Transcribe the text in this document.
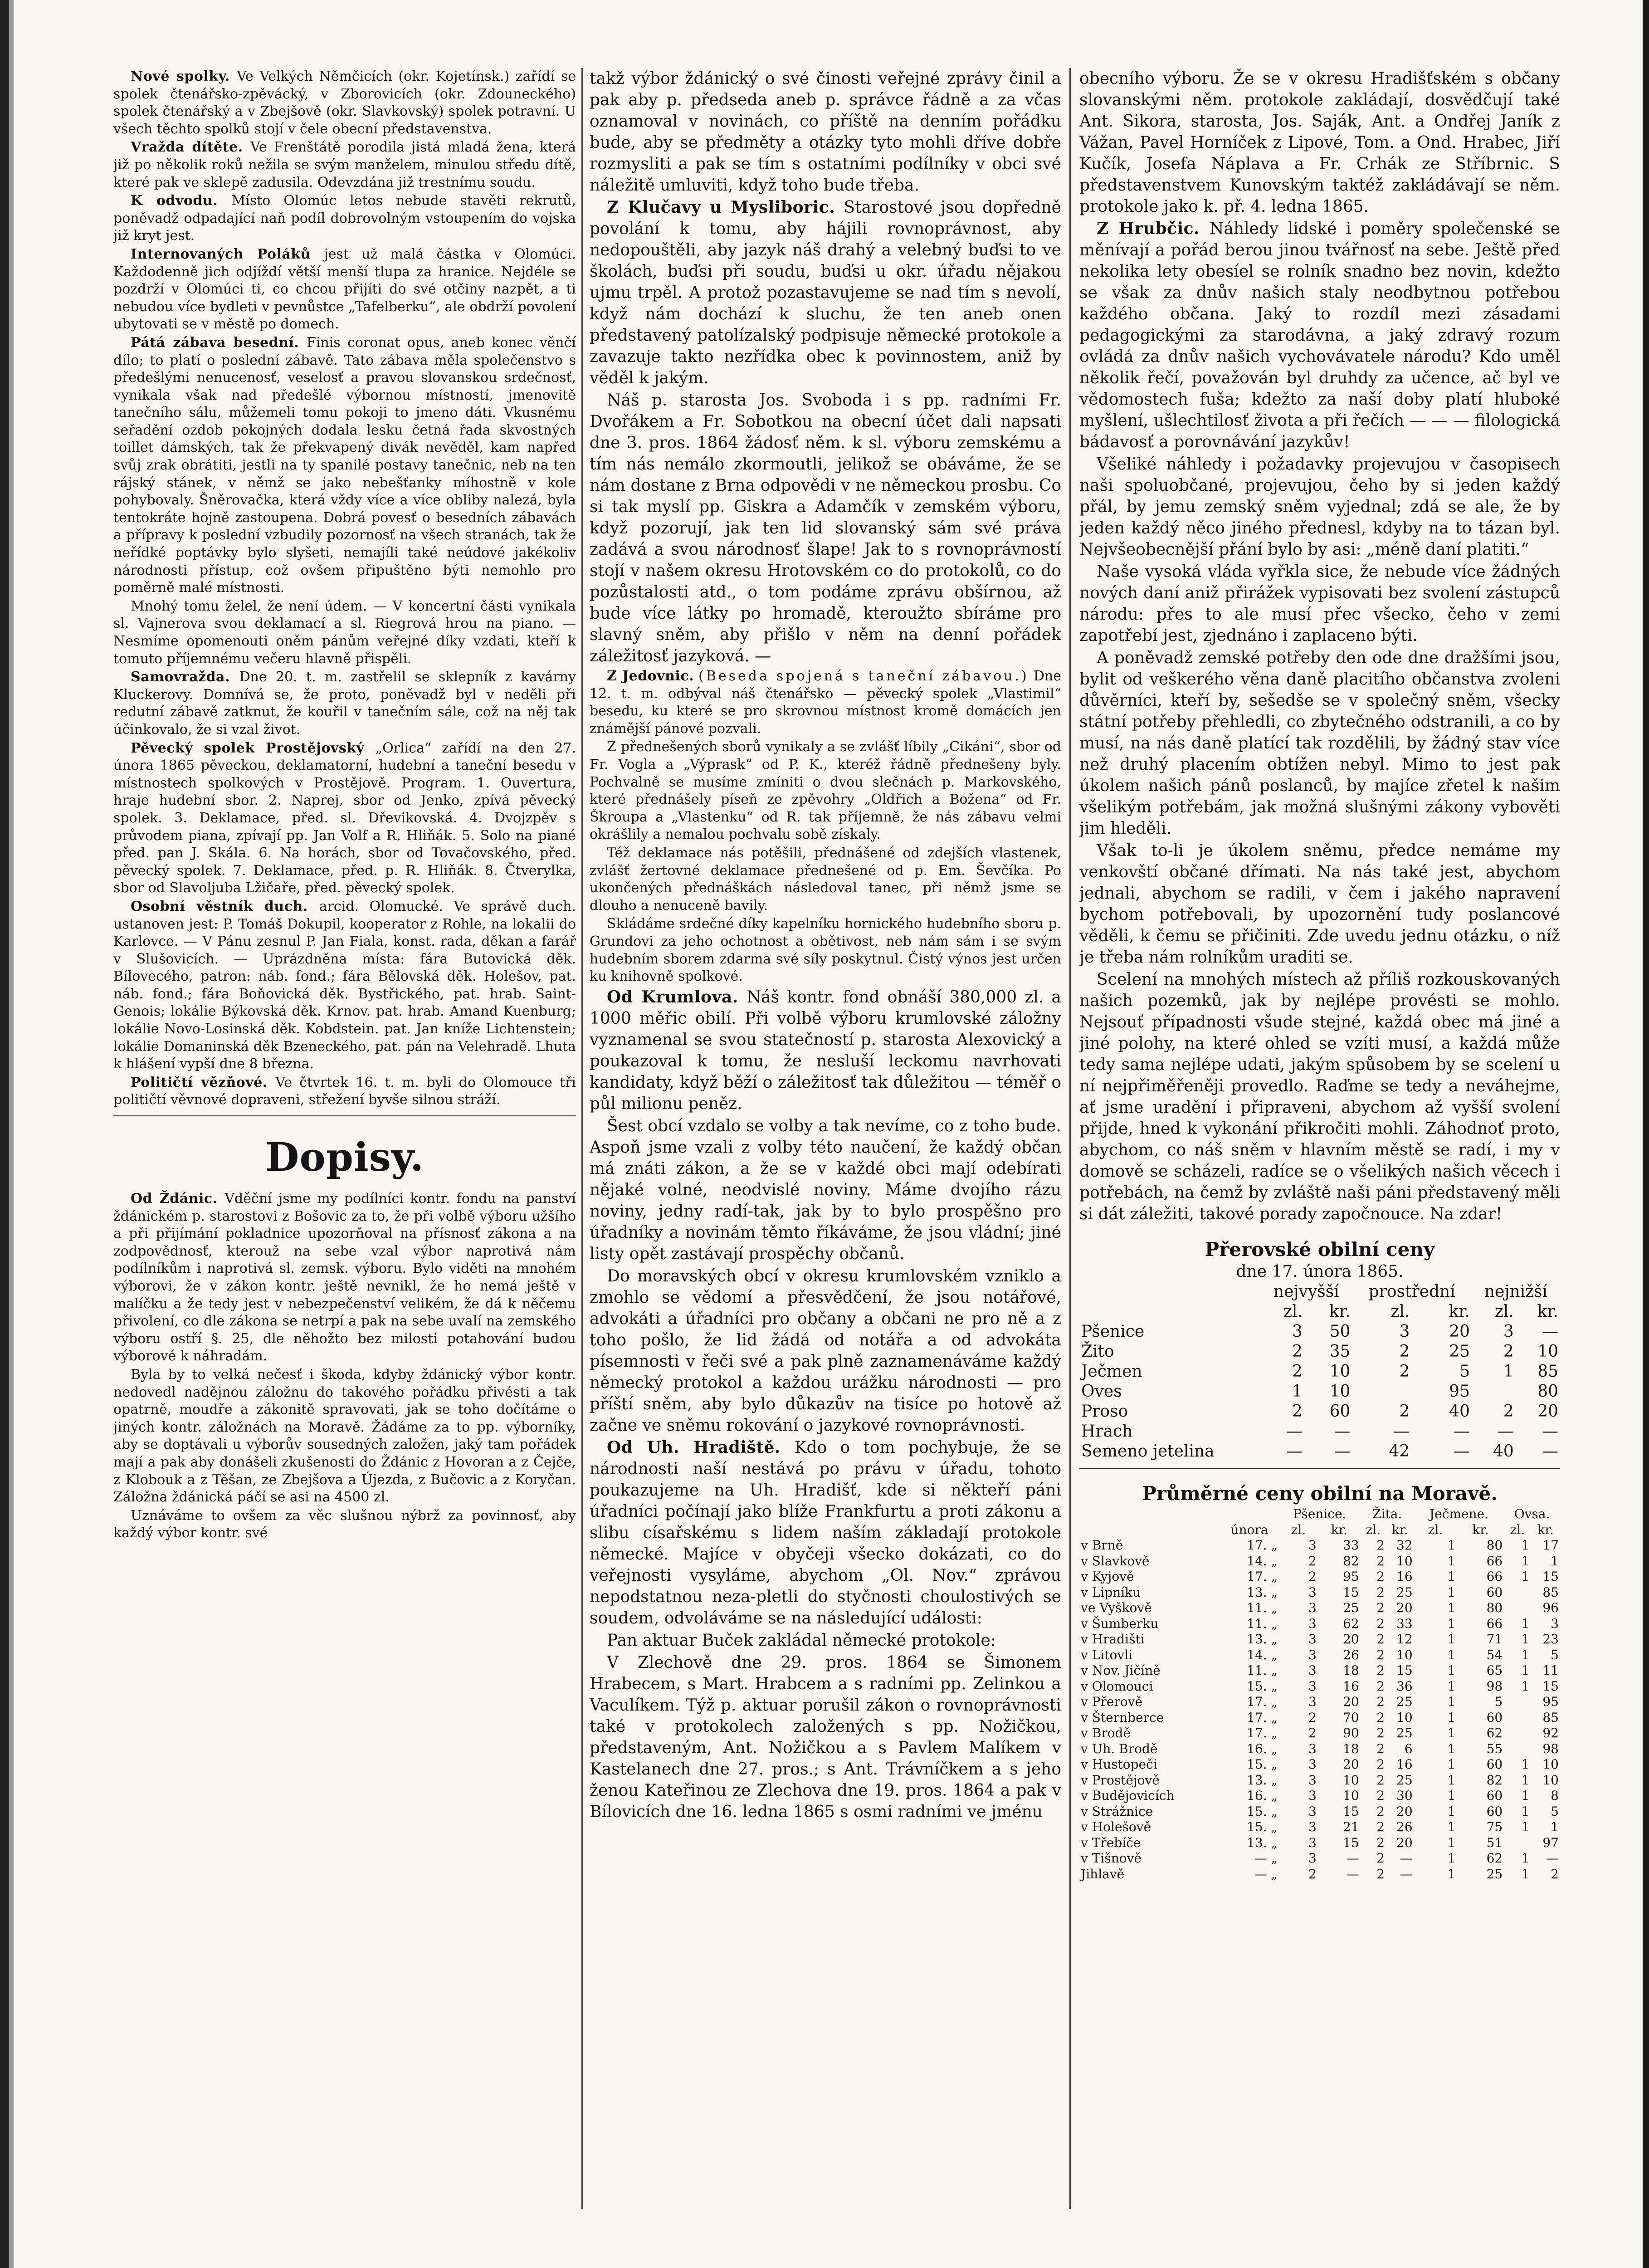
Nové spolky. Ve Velkých Němčicích (okr. Kojetínsk.) zařídí se spolek čtenářsko-zpěvácký, v Zborovicích (okr. Zdouneckého) spolek čtenářský a v Zbejšově (okr. Slavkovský) spolek potravní. U všech těchto spolků stojí v čele obecní představenstva.

Vražda dítěte. Ve Frenštátě porodila jistá mladá žena, která již po několik roků nežila se svým manželem, minulou středu dítě, které pak ve sklepě zadusila. Odevzdána již trestnímu soudu.

K odvodu. Místo Olomúc letos nebude stavěti rekrutů, poněvadž odpadající naň podíl dobrovolným vstoupením do vojska již kryt jest.

Internovaných Poláků jest už malá částka v Olomúci. Každodenně jich odjíždí větší menší tlupa za hranice. Nejdéle se pozdrží v Olomúci ti, co chcou přijíti do své otčiny nazpět, a ti nebudou více bydleti v pevnůstce „Tafelberku“, ale obdrží povolení ubytovati se v městě po domech.

Pátá zábava besední. Finis coronat opus, aneb konec věnčí dílo; to platí o poslední zábavě. Tato zábava měla společenstvo s předešlými nenucenosť, veselosť a pravou slovanskou srdečnosť, vynikala však nad předešlé výbornou místností, jmenovitě tanečního sálu, můžemeli tomu pokoji to jmeno dáti. Vkusnému seřadění ozdob pokojných dodala lesku četná řada skvostných toillet dámských, tak že překvapený divák nevěděl, kam napřed svůj zrak obrátiti, jestli na ty spanilé postavy tanečnic, neb na ten rájský stánek, v němž se jako nebešťanky míhostně v kole pohybovaly. Šněrovačka, která vždy více a více obliby nalezá, byla tentokráte hojně zastoupena. Dobrá povesť o besedních zábavách a přípravy k poslední vzbudily pozornosť na všech stranách, tak že neřídké poptávky bylo slyšeti, nemajíli také neúdové jakékoliv národnosti přístup, což ovšem připuštěno býti nemohlo pro poměrně malé místnosti.

Mnohý tomu želel, že není údem. — V koncertní části vynikala sl. Vajnerova svou deklamací a sl. Riegrová hrou na piano. — Nesmíme opomenouti oněm pánům veřejné díky vzdati, kteří k tomuto příjemnému večeru hlavně přispěli.

Samovražda. Dne 20. t. m. zastřelil se sklepník z kavárny Kluckerovy. Domnívá se, že proto, poněvadž byl v neděli při redutní zábavě zatknut, že kouřil v tanečním sále, což na něj tak účinkovalo, že si vzal život.

Pěvecký spolek Prostějovský „Orlica“ zařídí na den 27. února 1865 pěveckou, deklamatorní, hudební a taneční besedu v místnostech spolkových v Prostějově. Program. 1. Ouvertura, hraje hudební sbor. 2. Naprej, sbor od Jenko, zpívá pěvecký spolek. 3. Deklamace, před. sl. Dřevikovská. 4. Dvojzpěv s průvodem piana, zpívají pp. Jan Volf a R. Hliňák. 5. Solo na piané před. pan J. Skála. 6. Na horách, sbor od Tovačovského, před. pěvecký spolek. 7. Deklamace, před. p. R. Hliňák. 8. Čtverylka, sbor od Slavoljuba Lžičaře, před. pěvecký spolek.

Osobní věstník duch. arcid. Olomucké. Ve správě duch. ustanoven jest: P. Tomáš Dokupil, kooperator z Rohle, na lokalii do Karlovce. — V Pánu zesnul P. Jan Fiala, konst. rada, děkan a farář v Slušovicích. — Uprázdněna místa: fára Butovická děk. Bílovecého, patron: náb. fond.; fára Bělovská děk. Holešov, pat. náb. fond.; fára Boňovická děk. Bystřického, pat. hrab. Saint-Genois; lokálie Býkovská děk. Krnov. pat. hrab. Amand Kuenburg; lokálie Novo-Losinská děk. Kobdstein. pat. Jan kníže Lichtenstein; lokálie Domaninská děk Bzeneckého, pat. pán na Velehradě. Lhuta k hlášení vypší dne 8 března.

Političtí vězňové. Ve čtvrtek 16. t. m. byli do Olomouce tři političtí věvnové dopraveni, střežení byvše silnou stráží.

Dopisy.

Od Ždánic. Vděční jsme my podílníci kontr. fondu na panství ždánickém p. starostovi z Bošovic za to, že při volbě výboru užšího a při přijímání pokladnice upozorňoval na přísnosť zákona a na zodpovědnosť, kterouž na sebe vzal výbor naprotivá nám podílníkům i naprotivá sl. zemsk. výboru. Bylo viděti na mnohém výborovi, že v zákon kontr. ještě nevnikl, že ho nemá ještě v malíčku a že tedy jest v nebezpečenství velikém, že dá k něčemu přivolení, co dle zákona se netrpí a pak na sebe uvalí na zemského výboru ostří §. 25, dle něhožto bez milosti potahování budou výborové k náhradám.

Byla by to velká nečesť i škoda, kdyby ždánický výbor kontr. nedovedl nadějnou záložnu do takového pořádku přivésti a tak opatrně, moudře a zákonitě spravovati, jak se toho dočítáme o jiných kontr. záložnách na Moravě. Žádáme za to pp. výborníky, aby se doptávali u výborův sousedných založen, jaký tam pořádek mají a pak aby donášeli zkušenosti do Ždánic z Hovoran a z Čejče, z Klobouk a z Těšan, ze Zbejšova a Újezda, z Bučovic a z Koryčan. Záložna ždánická páčí se asi na 4500 zl.

Uznáváme to ovšem za věc slušnou nýbrž za povinnosť, aby každý výbor kontr. své

takž výbor ždánický o své činosti veřejné zprávy činil a pak aby p. předseda aneb p. správce řádně a za včas oznamoval v novinách, co příště na denním pořádku bude, aby se předměty a otázky tyto mohli dříve dobře rozmysliti a pak se tím s ostatními podílníky v obci své náležitě umluviti, když toho bude třeba.

Z Klučavy u Mysliboric. Starostové jsou dopředně povolání k tomu, aby hájili rovnoprávnost, aby nedopouštěli, aby jazyk náš drahý a velebný buďsi to ve školách, buďsi při soudu, buďsi u okr. úřadu nějakou ujmu trpěl. A protož pozastavujeme se nad tím s nevolí, když nám dochází k sluchu, že ten aneb onen představený patolízalský podpisuje německé protokole a zavazuje takto nezřídka obec k povinnostem, aniž by věděl k jakým.

Náš p. starosta Jos. Svoboda i s pp. radními Fr. Dvořákem a Fr. Sobotkou na obecní účet dali napsati dne 3. pros. 1864 žádosť něm. k sl. výboru zemskému a tím nás nemálo zkormoutli, jelikož se obáváme, že se nám dostane z Brna odpovědi v ne německou prosbu. Co si tak myslí pp. Giskra a Adamčík v zemském výboru, když pozorují, jak ten lid slovanský sám své práva zadává a svou národnosť šlape! Jak to s rovnoprávností stojí v našem okresu Hrotovském co do protokolů, co do pozůstalosti atd., o tom podáme zprávu obšírnou, až bude více látky po hromadě, kteroužto sbíráme pro slavný sněm, aby přišlo v něm na denní pořádek záležitosť jazyková. —

Z Jedovnic. (Beseda spojená s taneční zábavou.) Dne 12. t. m. odbýval náš čtenářsko — pěvecký spolek „Vlastimil“ besedu, ku které se pro skrovnou místnost kromě domácích jen známější pánové pozvali.

Z přednešených sborů vynikaly a se zvlášť líbily „Cikáni“, sbor od Fr. Vogla a „Výprask“ od P. K., kteréž řádně přednešeny byly. Pochvalně se musíme zmíniti o dvou slečnách p. Markovského, které přednášely píseň ze zpěvohry „Oldřich a Božena“ od Fr. Škroupa a „Vlastenku“ od R. tak příjemně, že nás zábavu velmi okrášlily a nemalou pochvalu sobě získaly.

Též deklamace nás potěšili, přednášené od zdejších vlastenek, zvlášť žertovné deklamace přednešené od p. Em. Ševčíka. Po ukončených přednáškách následoval tanec, při němž jsme se dlouho a nenuceně bavily.

Skládáme srdečné díky kapelníku hornického hudebního sboru p. Grundovi za jeho ochotnost a obětivost, neb nám sám i se svým hudebním sborem zdarma své síly poskytnul. Čistý výnos jest určen ku knihovně spolkové.

Od Krumlova. Náš kontr. fond obnáší 380,000 zl. a 1000 měřic obilí. Při volbě výboru krumlovské záložny vyznamenal se svou statečností p. starosta Alexovický a poukazoval k tomu, že nesluší leckomu navrhovati kandidaty, když běží o záležitosť tak důležitou — téměř o půl milionu peněz.

Šest obcí vzdalo se volby a tak nevíme, co z toho bude. Aspoň jsme vzali z volby této naučení, že každý občan má znáti zákon, a že se v každé obci mají odebírati nějaké volné, neodvislé noviny. Máme dvojího rázu noviny, jedny radí-tak, jak by to bylo prospěšno pro úřadníky a novinám těmto říkáváme, že jsou vládní; jiné listy opět zastávají prospěchy občanů.

Do moravských obcí v okresu krumlovském vzniklo a zmohlo se vědomí a přesvědčení, že jsou notářové, advokáti a úřadníci pro občany a občani ne pro ně a z toho pošlo, že lid žádá od notářa a od advokáta písemnosti v řeči své a pak plně zaznamenáváme každý německý protokol a každou urážku národnosti — pro příští sněm, aby bylo důkazův na tisíce po hotově až začne ve sněmu rokování o jazykové rovnoprávnosti.

Od Uh. Hradiště. Kdo o tom pochybuje, že se národnosti naší nestává po právu v úřadu, tohoto poukazujeme na Uh. Hradišť, kde si někteří páni úřadníci počínají jako blíže Frankfurtu a proti zákonu a slibu císařskému s lidem naším základají protokole německé. Majíce v obyčeji všecko dokázati, co do veřejnosti vysyláme, abychom „Ol. Nov.“ zprávou nepodstatnou neza-pletli do styčnosti choulostivých se soudem, odvoláváme se na následující události:

Pan aktuar Buček zakládal německé protokole:

V Zlechově dne 29. pros. 1864 se Šimonem Hrabecem, s Mart. Hrabcem a s radními pp. Zelinkou a Vaculíkem. Týž p. aktuar porušil zákon o rovnoprávnosti také v protokolech založených s pp. Nožičkou, představeným, Ant. Nožičkou a s Pavlem Malíkem v Kastelanech dne 27. pros.; s Ant. Trávníčkem a s jeho ženou Kateřinou ze Zlechova dne 19. pros. 1864 a pak v Bílovicích dne 16. ledna 1865 s osmi radními ve jménu

obecního výboru. Že se v okresu Hradišťském s občany slovanskými něm. protokole zakládají, dosvědčují také Ant. Sikora, starosta, Jos. Saják, Ant. a Ondřej Janík z Vážan, Pavel Horníček z Lipové, Tom. a Ond. Hrabec, Jiří Kučík, Josefa Náplava a Fr. Crhák ze Stříbrnic. S představenstvem Kunovským taktéž zakládávají se něm. protokole jako k. př. 4. ledna 1865.

Z Hrubčic. Náhledy lidské i poměry společenské se měnívají a pořád berou jinou tvářnosť na sebe. Ještě před nekolika lety obesíel se rolník snadno bez novin, kdežto se však za dnův našich staly neodbytnou potřebou každého občana. Jaký to rozdíl mezi zásadami pedagogickými za starodávna, a jaký zdravý rozum ovládá za dnův našich vychovávatele národu? Kdo uměl několik řečí, považován byl druhdy za učence, ač byl ve vědomostech fuša; kdežto za naší doby platí hluboké myšlení, ušlechtilosť života a při řečích — — — filologická bádavosť a porovnávání jazykův!

Všeliké náhledy i požadavky projevujou v časopisech naši spoluobčané, projevujou, čeho by si jeden každý přál, by jemu zemský sněm vyjednal; zdá se ale, že by jeden každý něco jiného přednesl, kdyby na to tázan byl. Nejvšeobecnější přání bylo by asi: „méně daní platiti.“

Naše vysoká vláda vyřkla sice, že nebude více žádných nových daní aniž přirážek vypisovati bez svolení zástupců národu: přes to ale musí přec všecko, čeho v zemi zapotřebí jest, zjednáno i zaplaceno býti.

A poněvadž zemské potřeby den ode dne dražšími jsou, bylit od veškerého věna daně placitího občanstva zvoleni důvěrníci, kteří by, sešedše se v společný sněm, všecky státní potřeby přehledli, co zbytečného odstranili, a co by musí, na nás daně platící tak rozdělili, by žádný stav více než druhý placením obtížen nebyl. Mimo to jest pak úkolem našich pánů poslanců, by majíce zřetel k našim všelikým potřebám, jak možná slušnými zákony vybověti jim hleděli.

Však to-li je úkolem sněmu, předce nemáme my venkovští občané dřímati. Na nás také jest, abychom jednali, abychom se radili, v čem i jakého napravení bychom potřebovali, by upozornění tudy poslancové věděli, k čemu se přičiniti. Zde uvedu jednu otázku, o níž je třeba nám rolníkům uraditi se.

Scelení na mnohých místech až příliš rozkouskovaných našich pozemků, jak by nejlépe provésti se mohlo. Nejsouť případnosti všude stejné, každá obec má jiné a jiné polohy, na které ohled se vzíti musí, a každá může tedy sama nejlépe udati, jakým spůsobem by se scelení u ní nejpřiměřeněji provedlo. Raďme se tedy a neváhejme, ať jsme uradění i připraveni, abychom až vyšší svolení přijde, hned k vykonání přikročiti mohli. Záhodnoť proto, abychom, co náš sněm v hlavním městě se radí, i my v domově se scházeli, radíce se o všelikých našich věcech i potřebách, na čemž by zvláště naši páni představený měli si dát záležiti, takové porady započnouce. Na zdar!

Přerovské obilní ceny
dne 17. února 1865.
	nejvyšší		prostřední		nejnižší	
	zl.	kr.	zl.	kr.	zl.	kr.
Pšenice	3	50	3	20	3	—
Žito	2	35	2	25	2	10
Ječmen	2	10	2	5	1	85
Oves	1	10		95		80
Proso	2	60	2	40	2	20
Hrach	—	—	—	—	—	—
Semeno jetelina	—	—	42	—	40	—
Průměrné ceny obilní na Moravě.
		Pšenice.		Žita.		Ječmene.		Ovsa.	
	února	zl.	kr.	zl.	kr.	zl.	kr.	zl.	kr.
v Brně	17. „	3	33	2	32	1	80	1	17
v Slavkově	14. „	2	82	2	10	1	66	1	1
v Kyjově	17. „	2	95	2	16	1	66	1	15
v Lipníku	13. „	3	15	2	25	1	60		85
ve Vyškově	11. „	3	25	2	20	1	80		96
v Šumberku	11. „	3	62	2	33	1	66	1	3
v Hradišti	13. „	3	20	2	12	1	71	1	23
v Litovli	14. „	3	26	2	10	1	54	1	5
v Nov. Jičíně	11. „	3	18	2	15	1	65	1	11
v Olomouci	15. „	3	16	2	36	1	98	1	15
v Přerově	17. „	3	20	2	25	1	5		95
v Šternberce	17. „	2	70	2	10	1	60		85
v Brodě	17. „	2	90	2	25	1	62		92
v Uh. Brodě	16. „	3	18	2	6	1	55		98
v Hustopeči	15. „	3	20	2	16	1	60	1	10
v Prostějově	13. „	3	10	2	25	1	82	1	10
v Budějovicích	16. „	3	10	2	30	1	60	1	8
v Strážnice	15. „	3	15	2	20	1	60	1	5
v Holešově	15. „	3	21	2	26	1	75	1	1
v Třebíče	13. „	3	15	2	20	1	51		97
v Tišnově	— „	3	—	2	—	1	62	1	—
Jihlavě	— „	2	—	2	—	1	25	1	2
